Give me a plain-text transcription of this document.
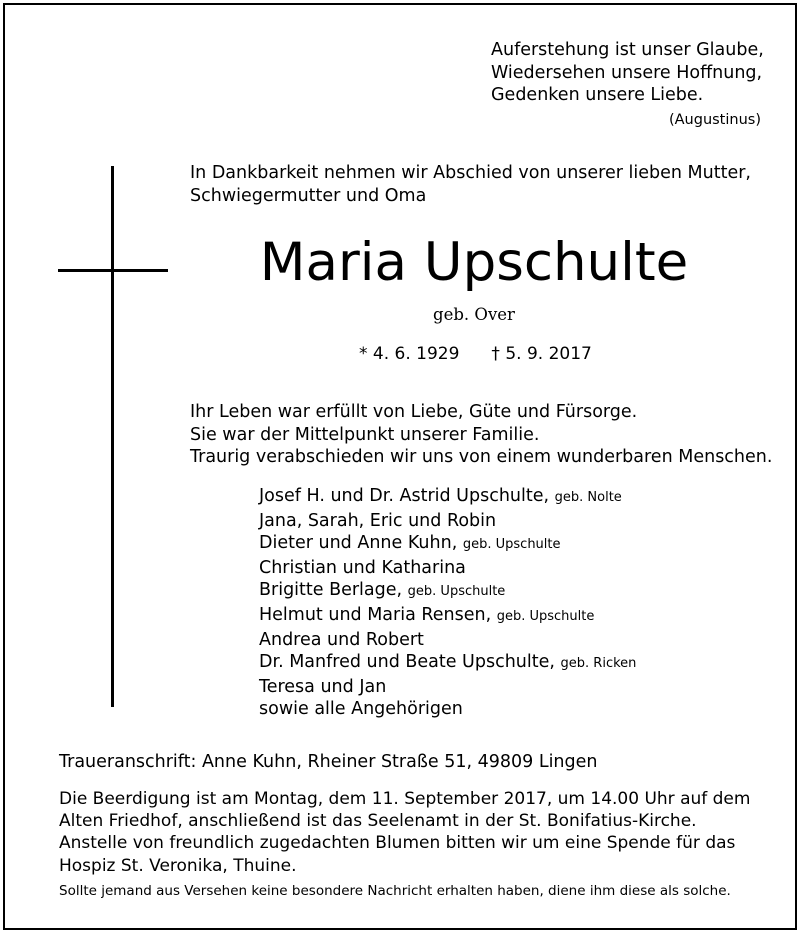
Auferstehung ist unser Glaube,
Wiedersehen unsere Hoffnung,
Gedenken unsere Liebe.
(Augustinus)
In Dankbarkeit nehmen wir Abschied von unserer lieben Mutter,
Schwiegermutter und Oma
Maria Upschulte
geb. Over
* 4. 6. 1929 † 5. 9. 2017
Ihr Leben war erfüllt von Liebe, Güte und Fürsorge.
Sie war der Mittelpunkt unserer Familie.
Traurig verabschieden wir uns von einem wunderbaren Menschen.
Josef H. und Dr. Astrid Upschulte, geb. Nolte
Jana, Sarah, Eric und Robin
Dieter und Anne Kuhn, geb. Upschulte
Christian und Katharina
Brigitte Berlage, geb. Upschulte
Helmut und Maria Rensen, geb. Upschulte
Andrea und Robert
Dr. Manfred und Beate Upschulte, geb. Ricken
Teresa und Jan
sowie alle Angehörigen
Traueranschrift: Anne Kuhn, Rheiner Straße 51, 49809 Lingen
Die Beerdigung ist am Montag, dem 11. September 2017, um 14.00 Uhr auf dem
Alten Friedhof, anschließend ist das Seelenamt in der St. Bonifatius-Kirche.
Anstelle von freundlich zugedachten Blumen bitten wir um eine Spende für das
Hospiz St. Veronika, Thuine.
Sollte jemand aus Versehen keine besondere Nachricht erhalten haben, diene ihm diese als solche.
